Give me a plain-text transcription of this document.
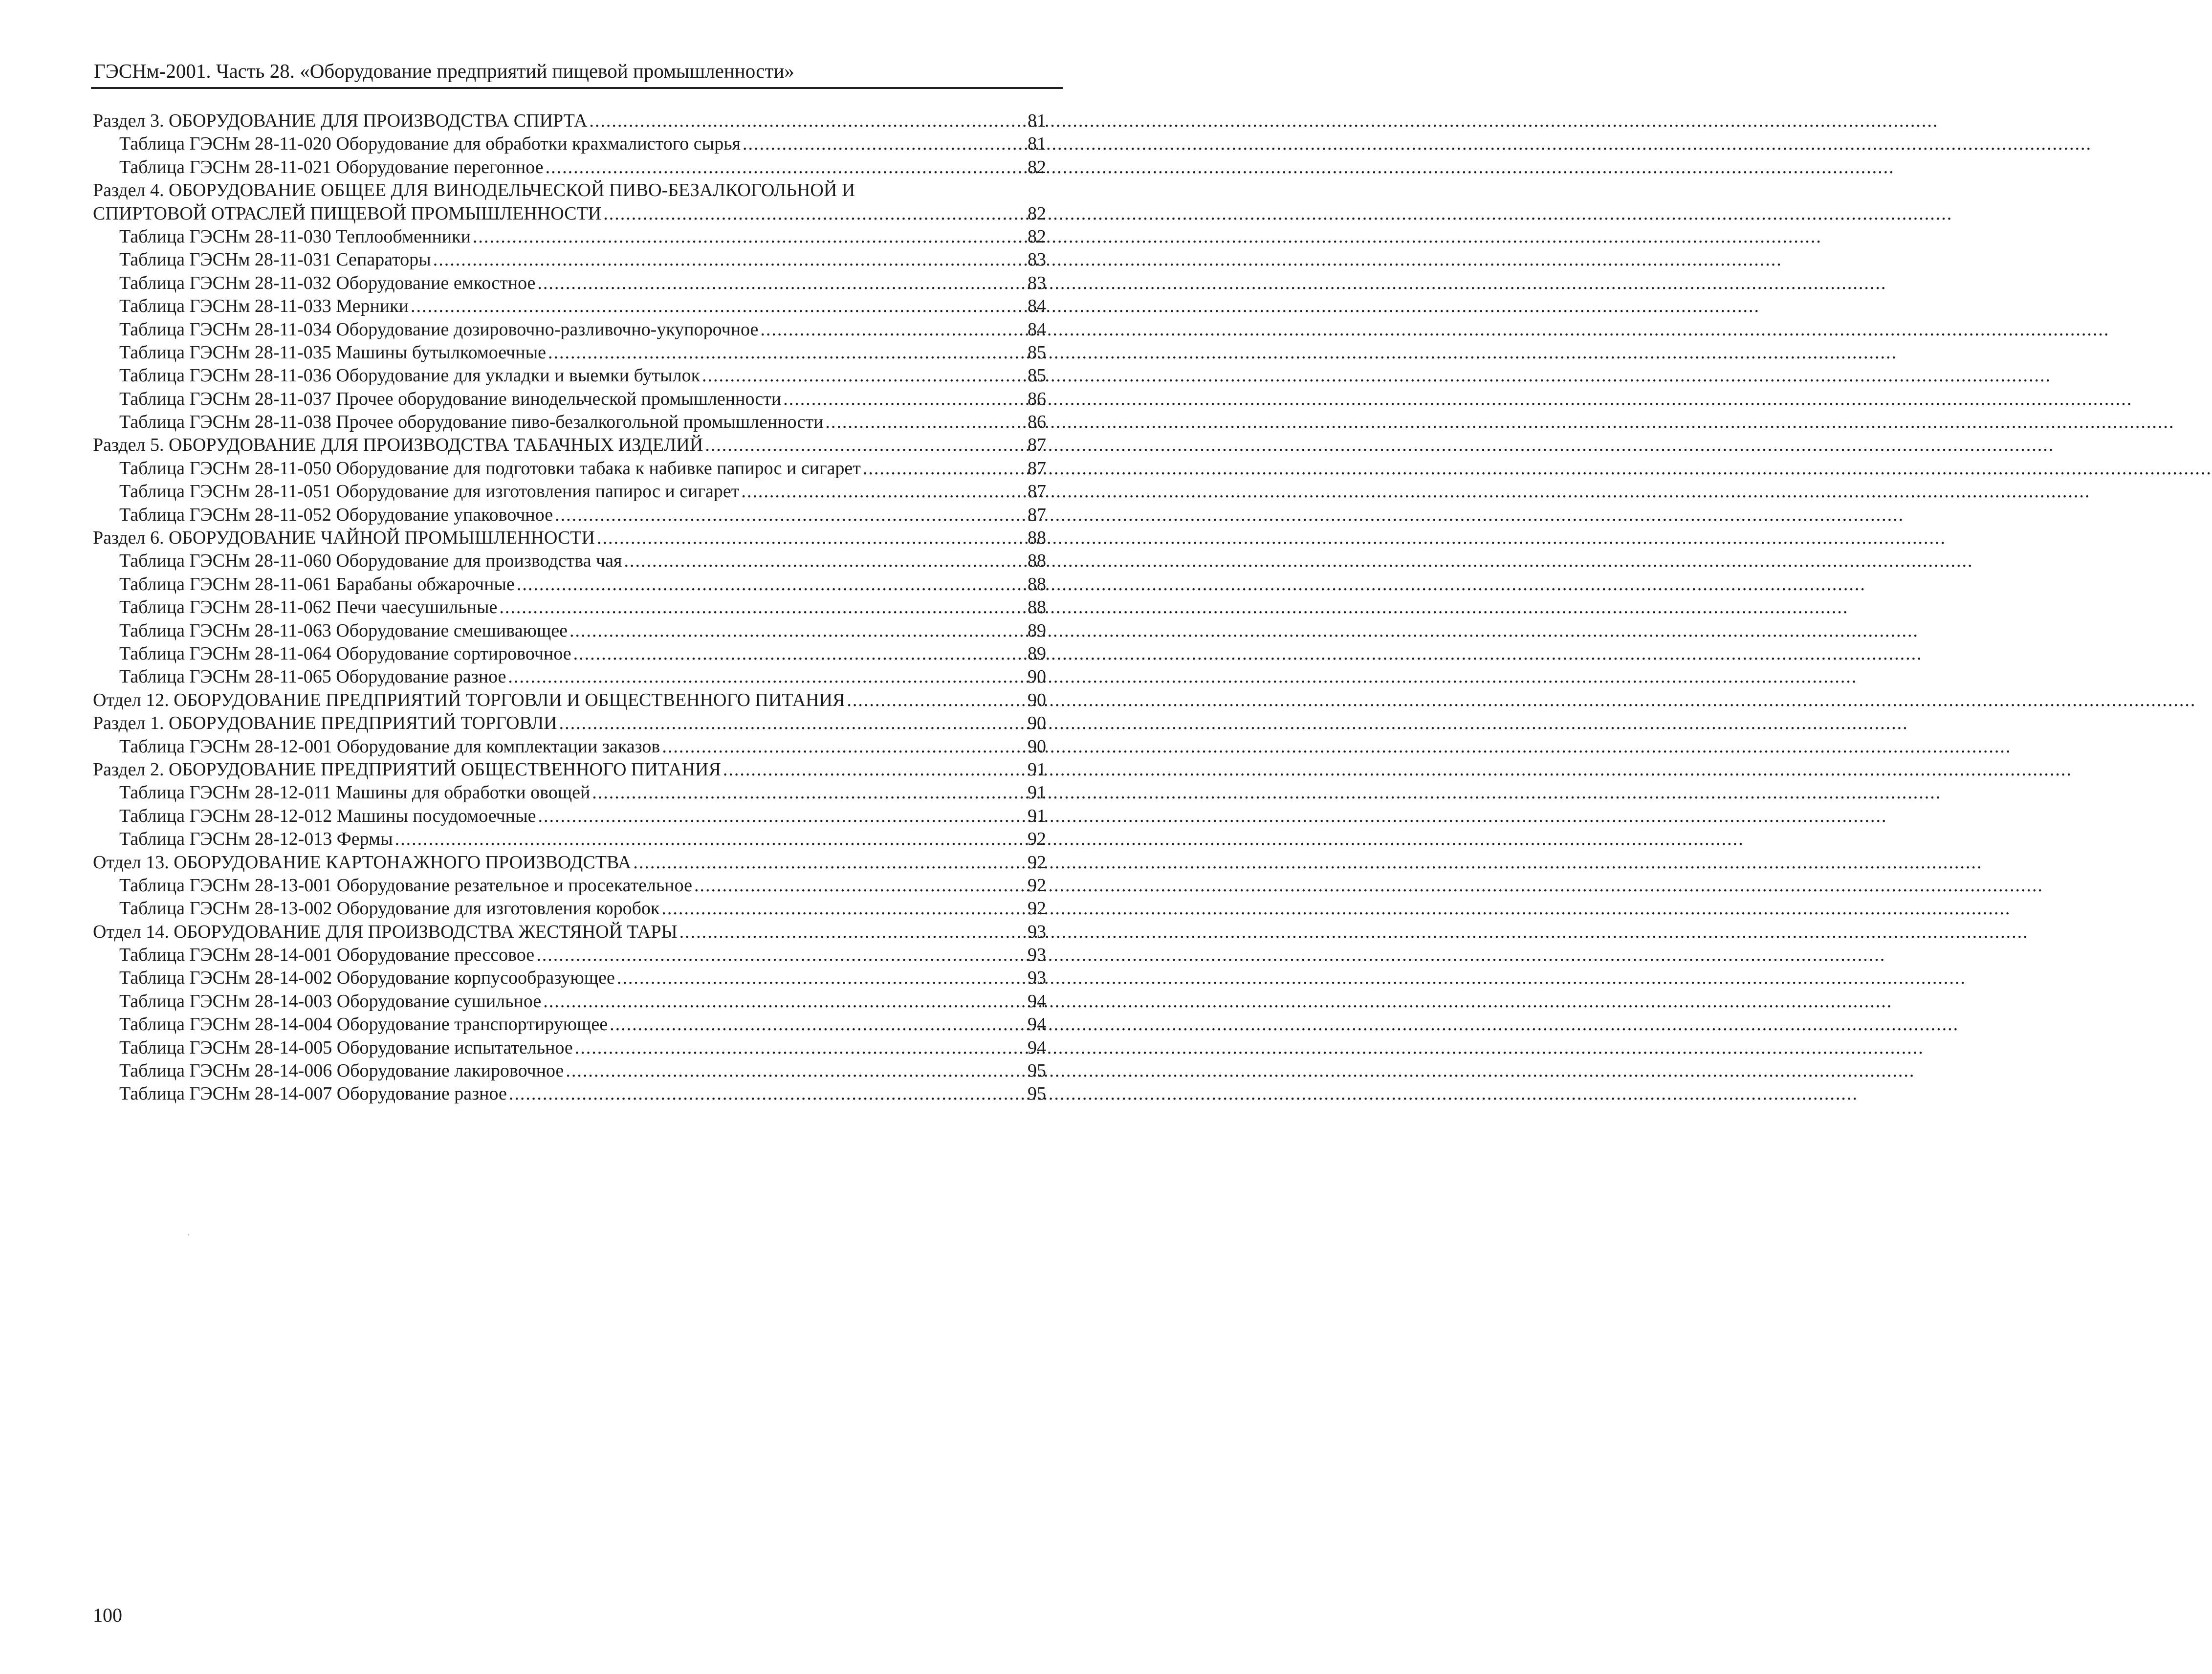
ГЭСНм-2001. Часть 28. «Оборудование предприятий пищевой промышленности»
Раздел 3. ОБОРУДОВАНИЕ ДЛЯ ПРОИЗВОДСТВА СПИРТА .....	81
Таблица ГЭСНм 28-11-020 Оборудование для обработки крахмалистого сырья .....	81
Таблица ГЭСНм 28-11-021 Оборудование перегонное .....	82
Раздел 4. ОБОРУДОВАНИЕ ОБЩЕЕ ДЛЯ ВИНОДЕЛЬЧЕСКОЙ ПИВО-БЕЗАЛКОГОЛЬНОЙ И
СПИРТОВОЙ ОТРАСЛЕЙ ПИЩЕВОЙ ПРОМЫШЛЕННОСТИ .....	82
Таблица ГЭСНм 28-11-030 Теплообменники .....	82
Таблица ГЭСНм 28-11-031 Сепараторы .....	83
Таблица ГЭСНм 28-11-032 Оборудование емкостное .....	83
Таблица ГЭСНм 28-11-033 Мерники .....	84
Таблица ГЭСНм 28-11-034 Оборудование дозировочно-разливочно-укупорочное .....	84
Таблица ГЭСНм 28-11-035 Машины бутылкомоечные .....	85
Таблица ГЭСНм 28-11-036 Оборудование для укладки и выемки бутылок .....	85
Таблица ГЭСНм 28-11-037 Прочее оборудование винодельческой промышленности .....	86
Таблица ГЭСНм 28-11-038 Прочее оборудование пиво-безалкогольной промышленности .....	86
Раздел 5. ОБОРУДОВАНИЕ ДЛЯ ПРОИЗВОДСТВА ТАБАЧНЫХ ИЗДЕЛИЙ .....	87
Таблица ГЭСНм 28-11-050 Оборудование для подготовки табака к набивке папирос и сигарет .....	87
Таблица ГЭСНм 28-11-051 Оборудование для изготовления папирос и сигарет .....	87
Таблица ГЭСНм 28-11-052 Оборудование упаковочное .....	87
Раздел 6. ОБОРУДОВАНИЕ ЧАЙНОЙ ПРОМЫШЛЕННОСТИ .....	88
Таблица ГЭСНм 28-11-060 Оборудование для производства чая .....	88
Таблица ГЭСНм 28-11-061 Барабаны обжарочные .....	88
Таблица ГЭСНм 28-11-062 Печи чаесушильные .....	88
Таблица ГЭСНм 28-11-063 Оборудование смешивающее .....	89
Таблица ГЭСНм 28-11-064 Оборудование сортировочное .....	89
Таблица ГЭСНм 28-11-065 Оборудование разное .....	90
Отдел 12. ОБОРУДОВАНИЕ ПРЕДПРИЯТИЙ ТОРГОВЛИ И ОБЩЕСТВЕННОГО ПИТАНИЯ .....	90
Раздел 1. ОБОРУДОВАНИЕ ПРЕДПРИЯТИЙ ТОРГОВЛИ .....	90
Таблица ГЭСНм 28-12-001 Оборудование для комплектации заказов .....	90
Раздел 2. ОБОРУДОВАНИЕ ПРЕДПРИЯТИЙ ОБЩЕСТВЕННОГО ПИТАНИЯ .....	91
Таблица ГЭСНм 28-12-011 Машины для обработки овощей .....	91
Таблица ГЭСНм 28-12-012 Машины посудомоечные .....	91
Таблица ГЭСНм 28-12-013 Фермы .....	92
Отдел 13. ОБОРУДОВАНИЕ КАРТОНАЖНОГО ПРОИЗВОДСТВА .....	92
Таблица ГЭСНм 28-13-001 Оборудование резательное и просекательное .....	92
Таблица ГЭСНм 28-13-002 Оборудование для изготовления коробок .....	92
Отдел 14. ОБОРУДОВАНИЕ ДЛЯ ПРОИЗВОДСТВА ЖЕСТЯНОЙ ТАРЫ .....	93
Таблица ГЭСНм 28-14-001 Оборудование прессовое .....	93
Таблица ГЭСНм 28-14-002 Оборудование корпусообразующее .....	93
Таблица ГЭСНм 28-14-003 Оборудование сушильное .....	94
Таблица ГЭСНм 28-14-004 Оборудование транспортирующее .....	94
Таблица ГЭСНм 28-14-005 Оборудование испытательное .....	94
Таблица ГЭСНм 28-14-006 Оборудование лакировочное .....	95
Таблица ГЭСНм 28-14-007 Оборудование разное .....	95
100
